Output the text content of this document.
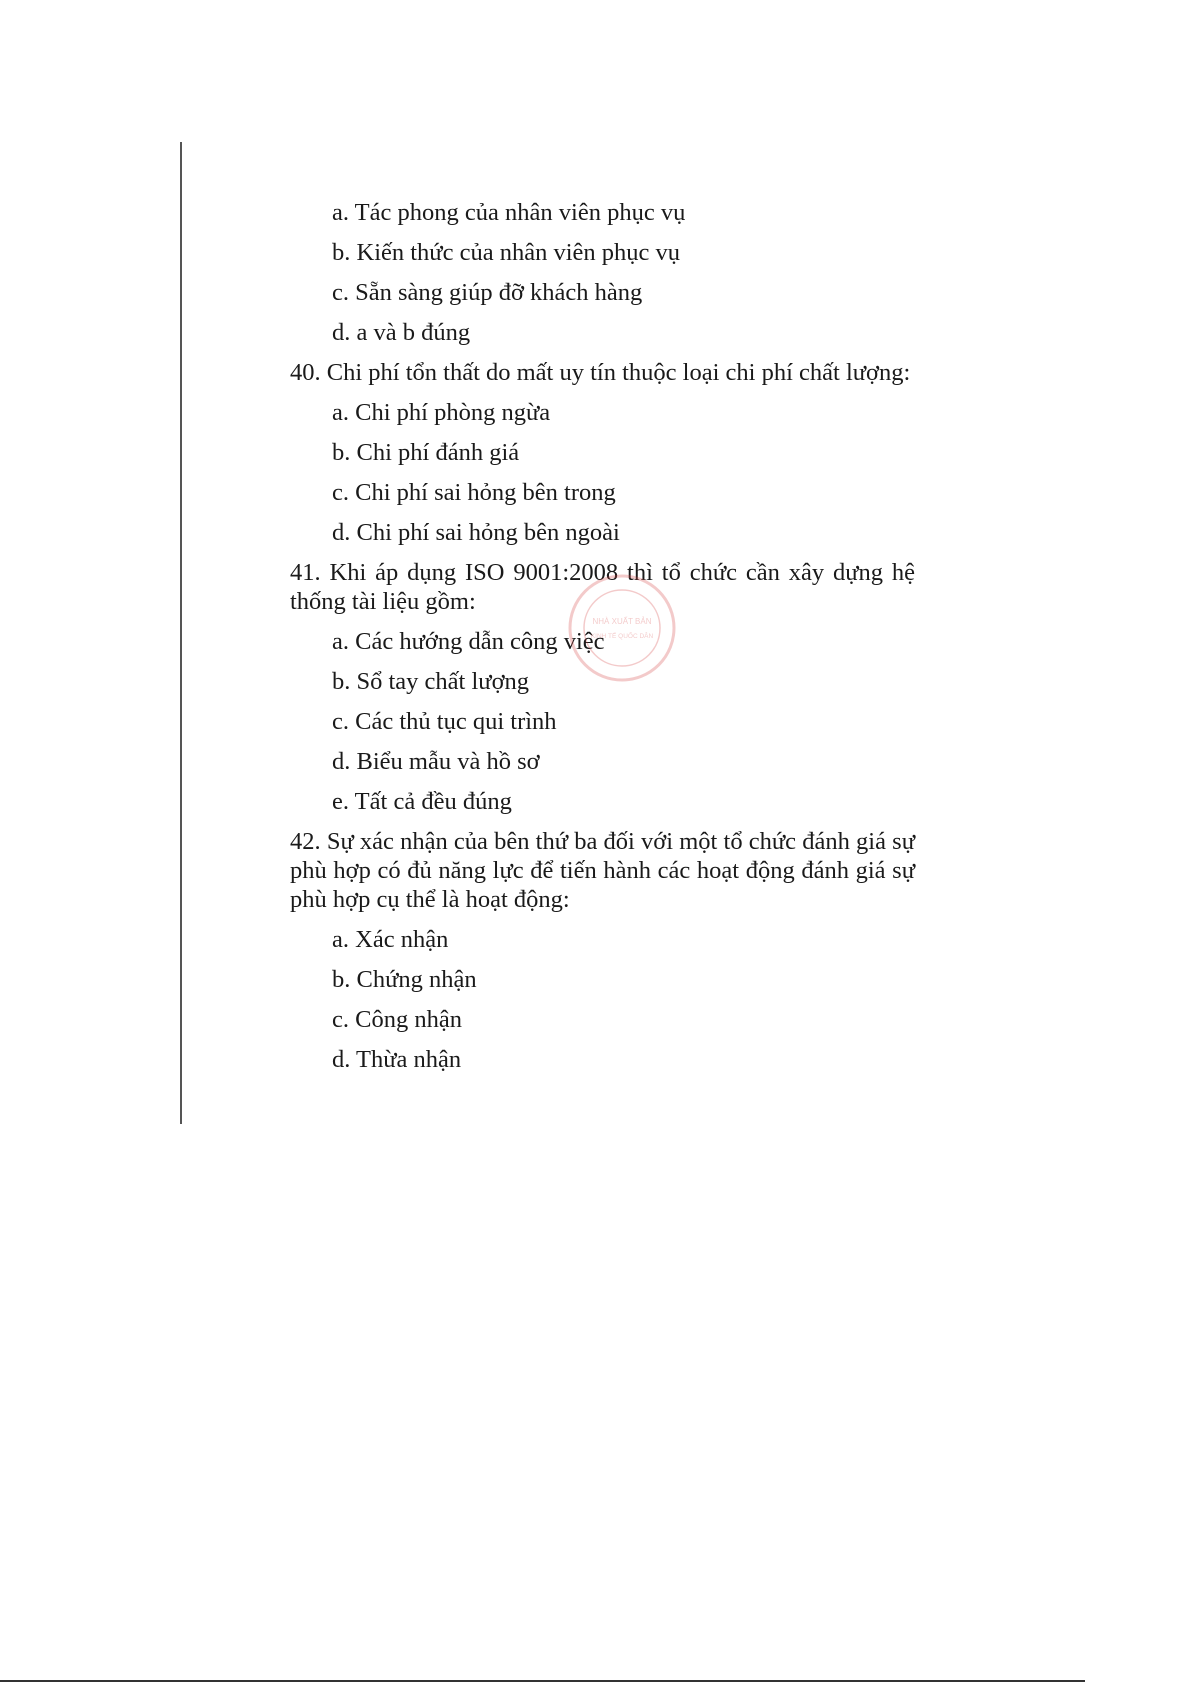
a. Tác phong của nhân viên phục vụ
b. Kiến thức của nhân viên phục vụ
c. Sẵn sàng giúp đỡ khách hàng
d. a và b đúng
40. Chi phí tổn thất do mất uy tín thuộc loại chi phí chất lượng:
a. Chi phí phòng ngừa
b. Chi phí đánh giá
c. Chi phí sai hỏng bên trong
d. Chi phí sai hỏng bên ngoài
41. Khi áp dụng ISO 9001:2008 thì tổ chức cần xây dựng hệ thống tài liệu gồm:
a. Các hướng dẫn công việc
b. Sổ tay chất lượng
c. Các thủ tục qui trình
d. Biểu mẫu và hồ sơ
e. Tất cả đều đúng
42. Sự xác nhận của bên thứ ba đối với một tổ chức đánh giá sự phù hợp có đủ năng lực để tiến hành các hoạt động đánh giá sự phù hợp cụ thể là hoạt động:
a. Xác nhận
b. Chứng nhận
c. Công nhận
d. Thừa nhận
NHÀ XUẤT BẢN
KINH TẾ QUỐC DÂN
